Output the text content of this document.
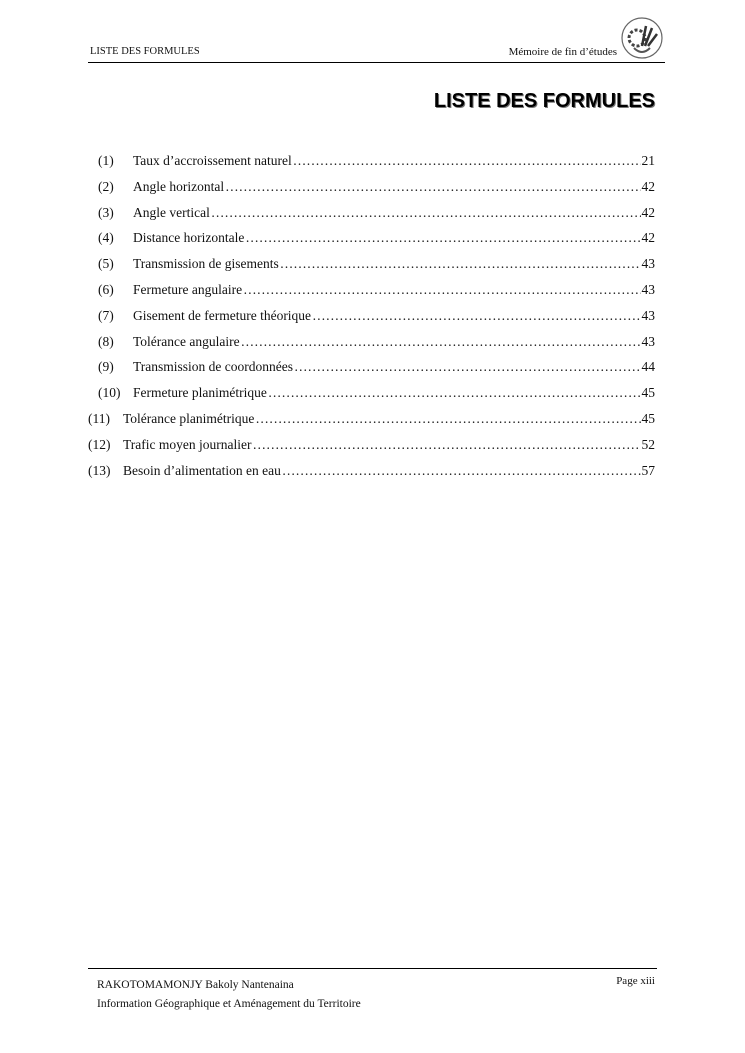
LISTE DES FORMULES	Mémoire de fin d’études
LISTE DES FORMULES
(1)	Taux d’accroissement naturel …………………………………………………………………………………………………………………………	21
(2)	Angle horizontal …………………………………………………………………………………………………………………………	42
(3)	Angle vertical …………………………………………………………………………………………………………………………	42
(4)	Distance horizontale …………………………………………………………………………………………………………………………	42
(5)	Transmission de gisements …………………………………………………………………………………………………………………………	43
(6)	Fermeture angulaire …………………………………………………………………………………………………………………………	43
(7)	Gisement de fermeture théorique …………………………………………………………………………………………………………………………	43
(8)	Tolérance angulaire …………………………………………………………………………………………………………………………	43
(9)	Transmission de coordonnées …………………………………………………………………………………………………………………………	44
(10) Fermeture planimétrique …………………………………………………………………………………………………………………………	45
(11) Tolérance planimétrique …………………………………………………………………………………………………………………………	45
(12) Trafic moyen journalier …………………………………………………………………………………………………………………………	52
(13) Besoin d’alimentation en eau …………………………………………………………………………………………………………………………	57
RAKOTOMAMONJY Bakoly Nantenaina
Information Géographique et Aménagement du Territoire
Page xiii
